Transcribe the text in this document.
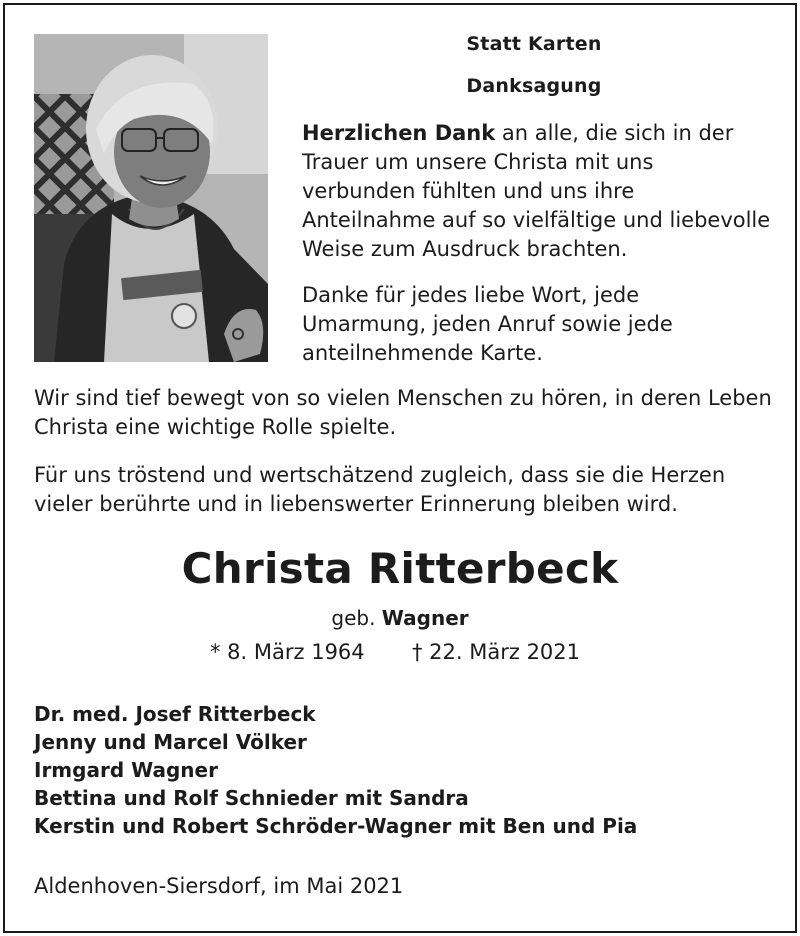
Statt Karten
Danksagung

Herzlichen Dank an alle, die sich in der Trauer um unsere Christa mit uns verbunden fühlten und uns ihre Anteilnahme auf so vielfältige und liebevolle Weise zum Ausdruck brachten.

Danke für jedes liebe Wort, jede Umarmung, jeden Anruf sowie jede anteilnehmende Karte.

Wir sind tief bewegt von so vielen Menschen zu hören, in deren Leben Christa eine wichtige Rolle spielte.

Für uns tröstend und wertschätzend zugleich, dass sie die Herzen vieler berührte und in liebenswerter Erinnerung bleiben wird.

Christa Ritterbeck
geb. Wagner
* 8. März 1964 † 22. März 2021
Dr. med. Josef Ritterbeck
Jenny und Marcel Völker
Irmgard Wagner
Bettina und Rolf Schnieder mit Sandra
Kerstin und Robert Schröder-Wagner mit Ben und Pia
Aldenhoven-Siersdorf, im Mai 2021
